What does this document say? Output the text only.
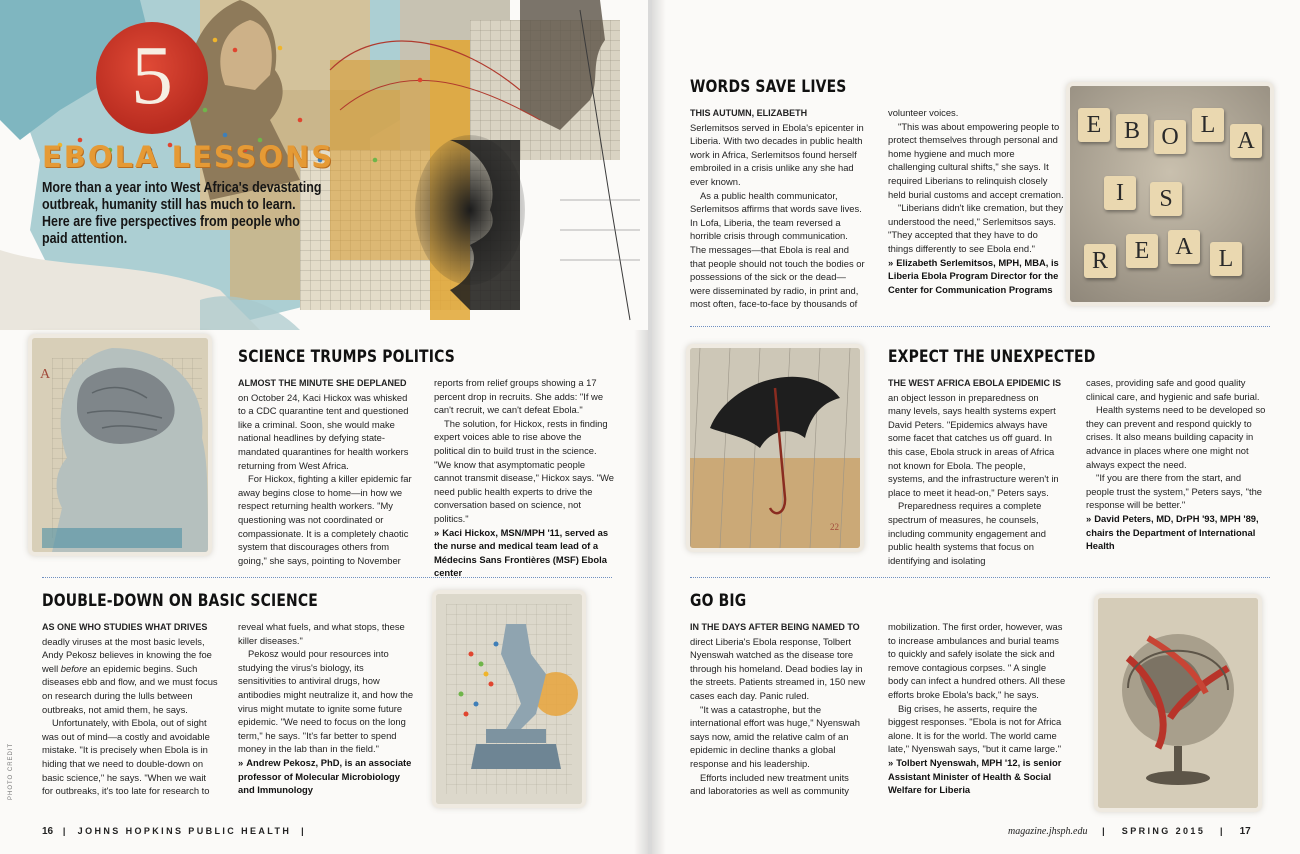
5
EBOLA LESSONS
More than a year into West Africa's devastating outbreak, humanity still has much to learn. Here are five perspectives from people who paid attention.
A
SCIENCE TRUMPS POLITICS

ALMOST THE MINUTE SHE DEPLANED on October 24, Kaci Hickox was whisked to a CDC quarantine tent and questioned like a criminal. Soon, she would make national headlines by defying state-mandated quarantines for health workers returning from West Africa.

For Hickox, fighting a killer epidemic far away begins close to home—in how we respect returning health workers. "My questioning was not coordinated or compassionate. It is a completely chaotic system that discourages others from going," she says, pointing to November

reports from relief groups showing a 17 percent drop in recruits. She adds: "If we can't recruit, we can't defeat Ebola."

The solution, for Hickox, rests in finding expert voices able to rise above the political din to build trust in the science. "We know that asymptomatic people cannot transmit disease," Hickox says. "We need public health experts to drive the conversation based on science, not politics."

» Kaci Hickox, MSN/MPH '11, served as the nurse and medical team lead of a Médecins Sans Frontières (MSF) Ebola center

DOUBLE-DOWN ON BASIC SCIENCE

AS ONE WHO STUDIES WHAT DRIVES deadly viruses at the most basic levels, Andy Pekosz believes in knowing the foe well before an epidemic begins. Such diseases ebb and flow, and we must focus on research during the lulls between outbreaks, not amid them, he says.

Unfortunately, with Ebola, out of sight was out of mind—a costly and avoidable mistake. "It is precisely when Ebola is in hiding that we need to double-down on basic science," he says. "When we wait for outbreaks, it's too late for research to

reveal what fuels, and what stops, these killer diseases."

Pekosz would pour resources into studying the virus's biology, its sensitivities to antiviral drugs, how antibodies might neutralize it, and how the virus might mutate to ignite some future epidemic. "We need to focus on the long term," he says. "It's far better to spend money in the lab than in the field."

» Andrew Pekosz, PhD, is an associate professor of Molecular Microbiology and Immunology

PHOTO CREDIT
16  |  JOHNS HOPKINS PUBLIC HEALTH  |
WORDS SAVE LIVES

THIS AUTUMN, ELIZABETH

Serlemitsos served in Ebola's epicenter in Liberia. With two decades in public health work in Africa, Serlemitsos found herself embroiled in a crisis unlike any she had ever known.

As a public health communicator, Serlemitsos affirms that words save lives. In Lofa, Liberia, the team reversed a horrible crisis through communication. The messages—that Ebola is real and that people should not touch the bodies or possessions of the sick or the dead—were disseminated by radio, in print and, most often, face-to-face by thousands of

volunteer voices.

"This was about empowering people to protect themselves through personal and home hygiene and much more challenging cultural shifts," she says. It required Liberians to relinquish closely held burial customs and accept cremation.

"Liberians didn't like cremation, but they understood the need," Serlemitsos says. "They accepted that they have to do things differently to see Ebola end."

» Elizabeth Serlemitsos, MPH, MBA, is Liberia Ebola Program Director for the Center for Communication Programs

E B O L
A
I	S
R	E	A	L
22
EXPECT THE UNEXPECTED

THE WEST AFRICA EBOLA EPIDEMIC IS an object lesson in preparedness on many levels, says health systems expert David Peters. "Epidemics always have some facet that catches us off guard. In this case, Ebola struck in areas of Africa not known for Ebola. The people, systems, and the infrastructure weren't in place to meet it head-on," Peters says.

Preparedness requires a complete spectrum of measures, he counsels, including community engagement and public health systems that focus on identifying and isolating

cases, providing safe and good quality clinical care, and hygienic and safe burial.

Health systems need to be developed so they can prevent and respond quickly to crises. It also means building capacity in advance in places where one might not always expect the need.

"If you are there from the start, and people trust the system," Peters says, "the response will be better."

» David Peters, MD, DrPH '93, MPH '89, chairs the Department of International Health

GO BIG

IN THE DAYS AFTER BEING NAMED TO direct Liberia's Ebola response, Tolbert Nyenswah watched as the disease tore through his homeland. Dead bodies lay in the streets. Patients streamed in, 150 new cases each day. Panic ruled.

"It was a catastrophe, but the international effort was huge," Nyenswah says now, amid the relative calm of an epidemic in decline thanks a global response and his leadership.

Efforts included new treatment units and laboratories as well as community

mobilization. The first order, however, was to increase ambulances and burial teams to quickly and safely isolate the sick and remove contagious corpses. " A single body can infect a hundred others. All these efforts broke Ebola's back," he says.

Big crises, he asserts, require the biggest responses. "Ebola is not for Africa alone. It is for the world. The world came late," Nyenswah says, "but it came large."

» Tolbert Nyenswah, MPH '12, is senior Assistant Minister of Health & Social Welfare for Liberia

magazine.jhsph.edu   |   SPRING 2015   |   17
